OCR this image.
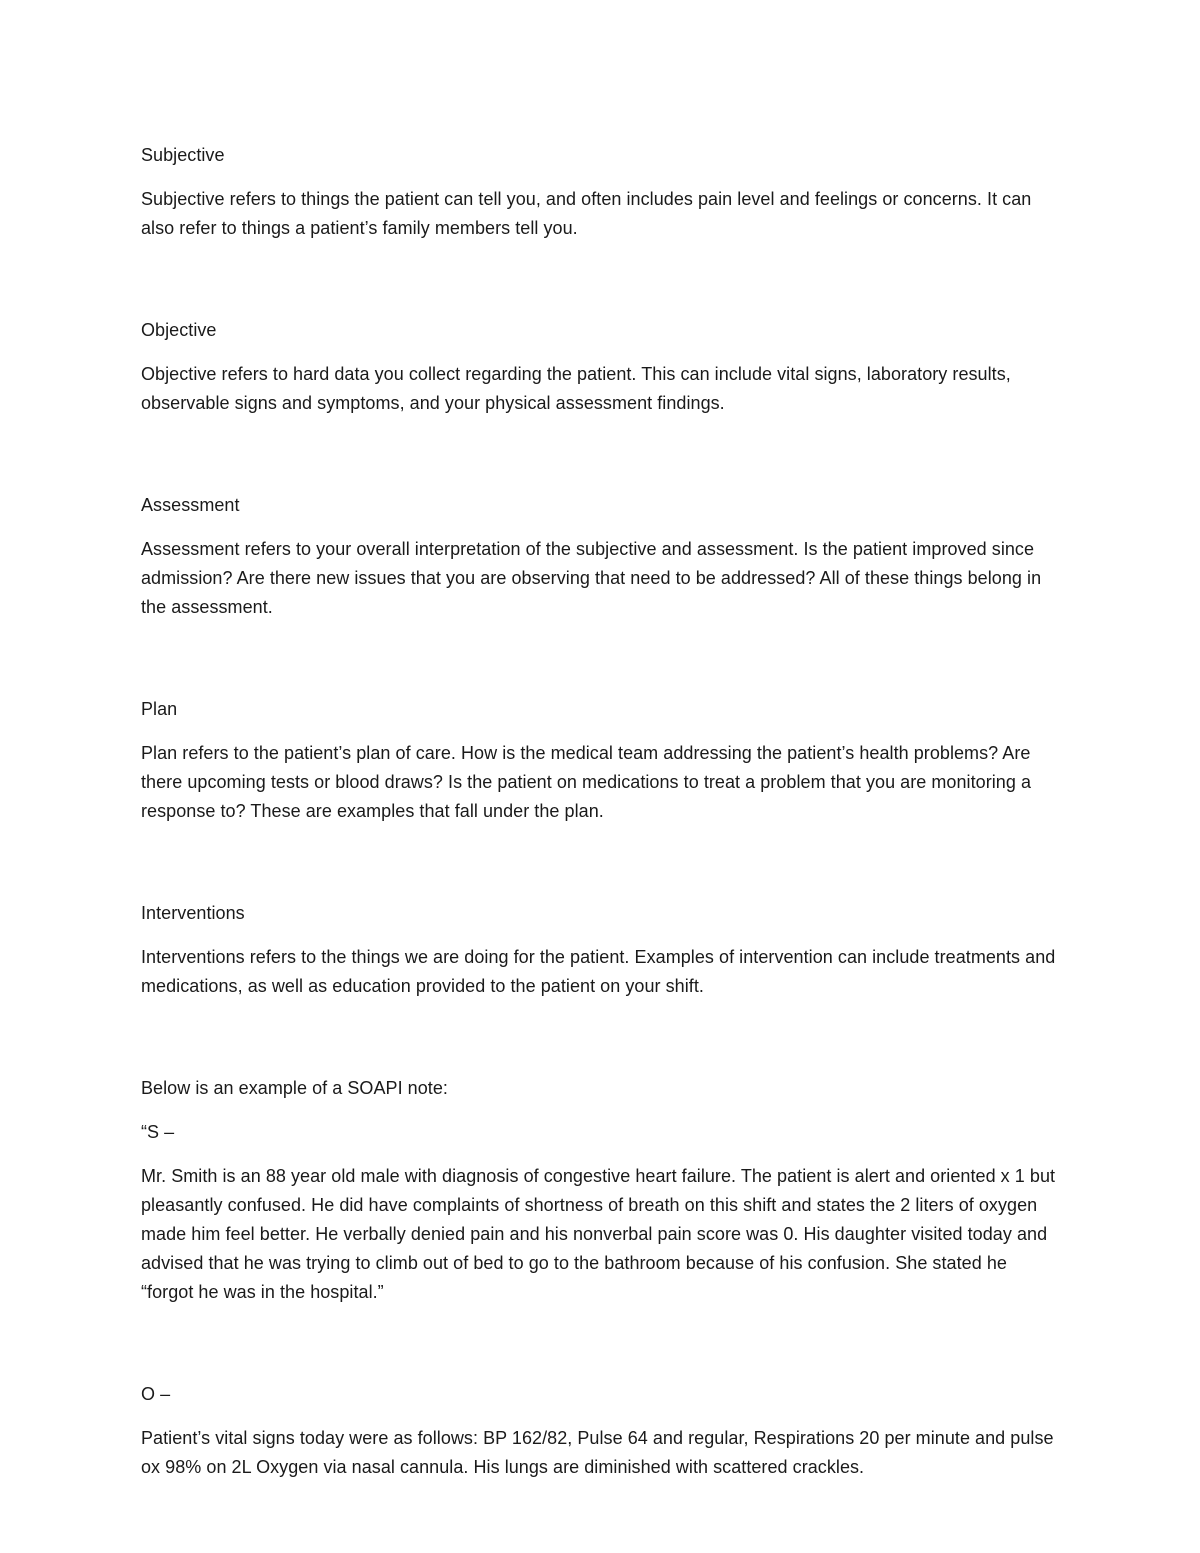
Subjective

Subjective refers to things the patient can tell you, and often includes pain level and feelings or concerns. It can also refer to things a patient’s family members tell you.

Objective

Objective refers to hard data you collect regarding the patient. This can include vital signs, laboratory results, observable signs and symptoms, and your physical assessment findings.

Assessment

Assessment refers to your overall interpretation of the subjective and assessment. Is the patient improved since admission? Are there new issues that you are observing that need to be addressed? All of these things belong in the assessment.

Plan

Plan refers to the patient’s plan of care. How is the medical team addressing the patient’s health problems? Are there upcoming tests or blood draws? Is the patient on medications to treat a problem that you are monitoring a response to? These are examples that fall under the plan.

Interventions

Interventions refers to the things we are doing for the patient. Examples of intervention can include treatments and medications, as well as education provided to the patient on your shift.

Below is an example of a SOAPI note:

“S –

Mr. Smith is an 88 year old male with diagnosis of congestive heart failure. The patient is alert and oriented x 1 but pleasantly confused. He did have complaints of shortness of breath on this shift and states the 2 liters of oxygen made him feel better. He verbally denied pain and his nonverbal pain score was 0. His daughter visited today and advised that he was trying to climb out of bed to go to the bathroom because of his confusion. She stated he “forgot he was in the hospital.”

O –

Patient’s vital signs today were as follows: BP 162/82, Pulse 64 and regular, Respirations 20 per minute and pulse ox 98% on 2L Oxygen via nasal cannula. His lungs are diminished with scattered crackles.
